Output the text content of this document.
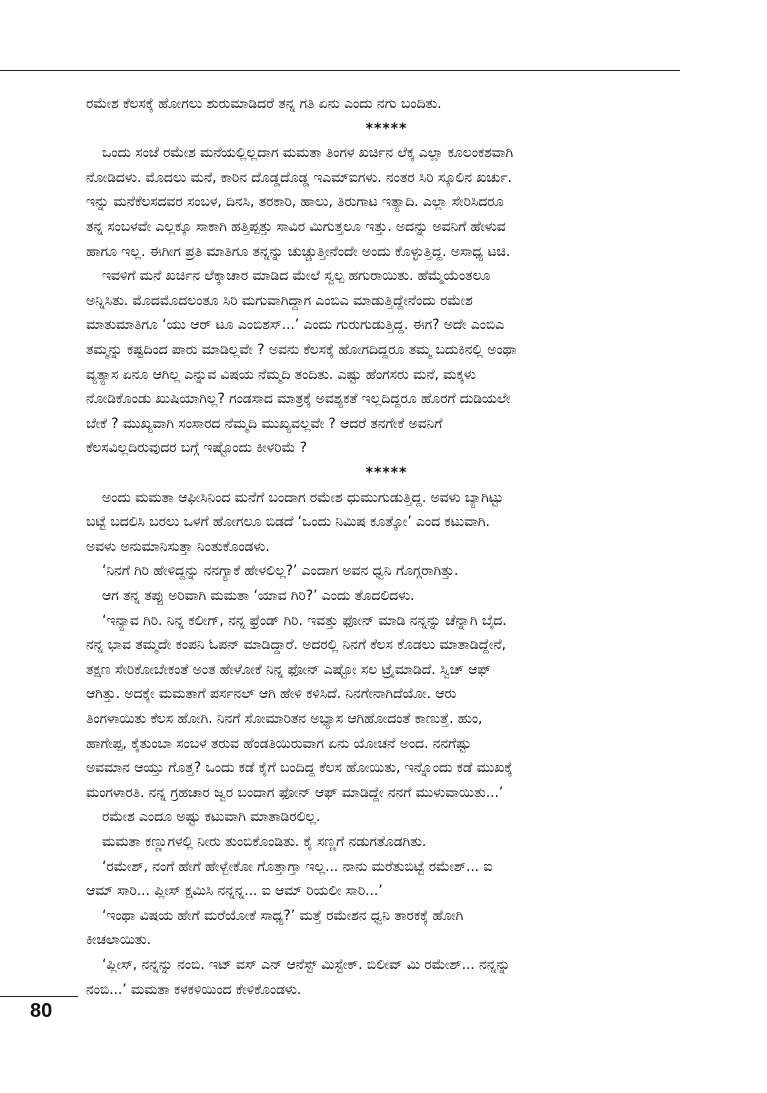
ರಮೇಶ ಕೆಲಸಕ್ಕೆ ಹೋಗಲು ಶುರುಮಾಡಿದರೆ ತನ್ನ ಗತಿ ಏನು ಎಂದು ನಗು ಬಂದಿತು.
*****
ಒಂದು ಸಂಜೆ ರಮೇಶ ಮನೆಯಲ್ಲಿಲ್ಲದಾಗ ಮಮತಾ ತಿಂಗಳ ಖರ್ಚಿನ ಲೆಕ್ಕ ಎಲ್ಲಾ ಕೂಲಂಕಶವಾಗಿ
ನೋಡಿದಳು. ಮೊದಲು ಮನೆ, ಕಾರಿನ ದೊಡ್ಡದೊಡ್ಡ ಇಎಮ್‌ಐಗಳು. ನಂತರ ಸಿರಿ ಸ್ಕೂಲಿನ ಖರ್ಚು.
ಇನ್ನು ಮನೆಕೆಲಸದವರ ಸಂಬಳ, ದಿನಸಿ, ತರಕಾರಿ, ಹಾಲು, ತಿರುಗಾಟ ಇತ್ಯಾದಿ. ಎಲ್ಲಾ ಸೇರಿಸಿದರೂ
ತನ್ನ ಸಂಬಳವೇ ಎಲ್ಲಕ್ಕೂ ಸಾಕಾಗಿ ಹತ್ತಿಪ್ಪತ್ತು ಸಾವಿರ ಮಿಗುತ್ತಲೂ ಇತ್ತು. ಅದನ್ನು ಅವನಿಗೆ ಹೇಳುವ
ಹಾಗೂ ಇಲ್ಲ. ಈಗೀಗ ಪ್ರತಿ ಮಾತಿಗೂ ತನ್ನನ್ನು ಚುಚ್ಚುತ್ತೀನೆಂದೇ ಅಂದು ಕೊಳ್ಳುತ್ತಿದ್ದ. ಅಸಾಧ್ಯ ಟಚಿ.
ಇವಳಿಗೆ ಮನೆ ಖರ್ಚಿನ ಲೆಕ್ಕಾಚಾರ ಮಾಡಿದ ಮೇಲೆ ಸ್ವಲ್ಪ ಹಗುರಾಯಿತು. ಹೆಮ್ಮೆಯೆಂತಲೂ
ಅನ್ನಿಸಿತು. ಮೊದಮೊದಲಂತೂ ಸಿರಿ ಮಗುವಾಗಿದ್ದಾಗ ಎಂಬಿಎ ಮಾಡುತ್ತಿದ್ದೇನೆಂದು ರಮೇಶ
ಮಾತುಮಾತಿಗೂ ‘ಯು ಆರ್ ಟೂ ಎಂಬಿಶಸ್...’ ಎಂದು ಗುರುಗುಡುತ್ತಿದ್ದ. ಈಗ? ಅದೇ ಎಂಬಿಎ
ತಮ್ಮನ್ನು ಕಷ್ಟದಿಂದ ಪಾರು ಮಾಡಿಲ್ಲವೇ ? ಅವನು ಕೆಲಸಕ್ಕೆ ಹೋಗದಿದ್ದರೂ ತಮ್ಮ ಬದುಕಿನಲ್ಲಿ ಅಂಥಾ
ವ್ಯತ್ಯಾಸ ಏನೂ ಆಗಿಲ್ಲ ಎನ್ನುವ ವಿಷಯ ನೆಮ್ಮದಿ ತಂದಿತು. ಎಷ್ಟು ಹೆಂಗಸರು ಮನೆ, ಮಕ್ಕಳು
ನೋಡಿಕೊಂಡು ಖುಷಿಯಾಗಿಲ್ಲ? ಗಂಡಸಾದ ಮಾತ್ರಕ್ಕೆ ಅವಶ್ಯಕತೆ ಇಲ್ಲದಿದ್ದರೂ ಹೊರಗೆ ದುಡಿಯಲೇ
ಬೇಕೆ ? ಮುಖ್ಯವಾಗಿ ಸಂಸಾರದ ನೆಮ್ಮದಿ ಮುಖ್ಯವಲ್ಲವೇ ? ಆದರೆ ತನಗೇಕೆ ಅವನಿಗೆ
ಕೆಲಸವಿಲ್ಲದಿರುವುದರ ಬಗ್ಗೆ ಇಷ್ಟೊಂದು ಕೀಳರಿಮೆ ?
*****
ಅಂದು ಮಮತಾ ಆಫೀಸಿನಿಂದ ಮನೆಗೆ ಬಂದಾಗ ರಮೇಶ ಧುಮುಗುಡುತ್ತಿದ್ದ. ಅವಳು ಬ್ಯಾಗಿಟ್ಟು
ಬಟ್ಟೆ ಬದಲಿಸಿ ಬರಲು ಒಳಗೆ ಹೋಗಲೂ ಬಿಡದೆ ‘ಒಂದು ನಿಮಿಷ ಕೂತ್ಕೋ’ ಎಂದ ಕಟುವಾಗಿ.
ಅವಳು ಅನುಮಾನಿಸುತ್ತಾ ನಿಂತುಕೊಂಡಳು.
‘ನಿನಗೆ ಗಿರಿ ಹೇಳಿದ್ದನ್ನು ನನಗ್ಯಾಕೆ ಹೇಳಲಿಲ್ಲ?’ ಎಂದಾಗ ಅವನ ಧ್ವನಿ ಗೊಗ್ಗರಾಗಿತ್ತು.
ಆಗ ತನ್ನ ತಪ್ಪು ಅರಿವಾಗಿ ಮಮತಾ ‘ಯಾವ ಗಿರಿ?’ ಎಂದು ತೊದಲಿದಳು.
‘ಇನ್ಯಾವ ಗಿರಿ. ನಿನ್ನ ಕಲೀಗ್, ನನ್ನ ಫ್ರೆಂಡ್ ಗಿರಿ. ಇವತ್ತು ಫೋನ್ ಮಾಡಿ ನನ್ನನ್ನು ಚೆನ್ನಾಗಿ ಬೈದ.
ನನ್ನ ಭಾವ ತಮ್ಮದೇ ಕಂಪನಿ ಓಪನ್ ಮಾಡಿದ್ದಾರೆ. ಅದರಲ್ಲಿ ನಿನಗೆ ಕೆಲಸ ಕೊಡಲು ಮಾತಾಡಿದ್ದೇನೆ,
ತಕ್ಷಣ ಸೇರಿಕೋಬೇಕಂತೆ ಅಂತ ಹೇಳೋಕೆ ನಿನ್ನ ಫೋನ್ ಎಷ್ಟೋ ಸಲ ಟ್ರೈಮಾಡಿದೆ. ಸ್ವಿಚ್ ಆಫ್
ಆಗಿತ್ತು. ಅದಕ್ಕೇ ಮಮತಾಗೆ ಪರ್ಸನಲ್ ಆಗಿ ಹೇಳಿ ಕಳಿಸಿದೆ. ನಿನಗೇನಾಗಿದೆಯೋ. ಆರು
ತಿಂಗಳಾಯಿತು ಕೆಲಸ ಹೋಗಿ. ನಿನಗೆ ಸೋಮಾರಿತನ ಅಭ್ಯಾಸ ಆಗಿಹೋದಂತೆ ಕಾಣುತ್ತೆ. ಹುಂ,
ಹಾಗೇಪ್ಪ, ಕೈತುಂಬಾ ಸಂಬಳ ತರುವ ಹೆಂಡತಿಯಿರುವಾಗ ಏನು ಯೋಚನೆ ಅಂದ. ನನಗೆಷ್ಟು
ಅವಮಾನ ಆಯ್ತು ಗೊತ್ತ? ಒಂದು ಕಡೆ ಕೈಗೆ ಬಂದಿದ್ದ ಕೆಲಸ ಹೋಯಿತು, ಇನ್ನೊಂದು ಕಡೆ ಮುಖಕ್ಕೆ
ಮಂಗಳಾರತಿ. ನನ್ನ ಗ್ರಹಚಾರ ಜ್ವರ ಬಂದಾಗ ಫೋನ್ ಆಫ್ ಮಾಡಿದ್ದೇ ನನಗೆ ಮುಳುವಾಯಿತು...’
ರಮೇಶ ಎಂದೂ ಅಷ್ಟು ಕಟುವಾಗಿ ಮಾತಾಡಿರಲಿಲ್ಲ.
ಮಮತಾ ಕಣ್ಣುಗಳಲ್ಲಿ ನೀರು ತುಂಬಿಕೊಂಡಿತು. ಕೈ ಸಣ್ಣಗೆ ನಡುಗತೊಡಗಿತು.
‘ರಮೇಶ್, ನಂಗೆ ಹೇಗೆ ಹೇಳ್ಬೇಕೋ ಗೊತ್ತಾಗ್ತಾ ಇಲ್ಲ... ನಾನು ಮರೆತುಬಿಟ್ಟೆ ರಮೇಶ್... ಐ
ಆಮ್ ಸಾರಿ... ಪ್ಲೀಸ್ ಕ್ಷಮಿಸಿ ನನ್ನನ್ನ... ಐ ಆಮ್ ರಿಯಲೀ ಸಾರಿ...’
‘ಇಂಥಾ ವಿಷಯ ಹೇಗೆ ಮರೆಯೋಕೆ ಸಾಧ್ಯ?’ ಮತ್ತೆ ರಮೇಶನ ಧ್ವನಿ ತಾರಕಕ್ಕೆ ಹೋಗಿ
ಕೀಚಲಾಯಿತು.
‘ಪ್ಲೀಸ್, ನನ್ನನ್ನು ನಂಬಿ. ಇಟ್ ವಸ್ ಎನ್ ಆನೆಸ್ಟ್ ಮಿಸ್ಟೇಕ್. ಬಿಲೀವ್ ಮಿ ರಮೇಶ್... ನನ್ನನ್ನು
ನಂಬಿ...’ ಮಮತಾ ಕಳಕಳಿಯಿಂದ ಕೇಳಿಕೊಂಡಳು.
80
